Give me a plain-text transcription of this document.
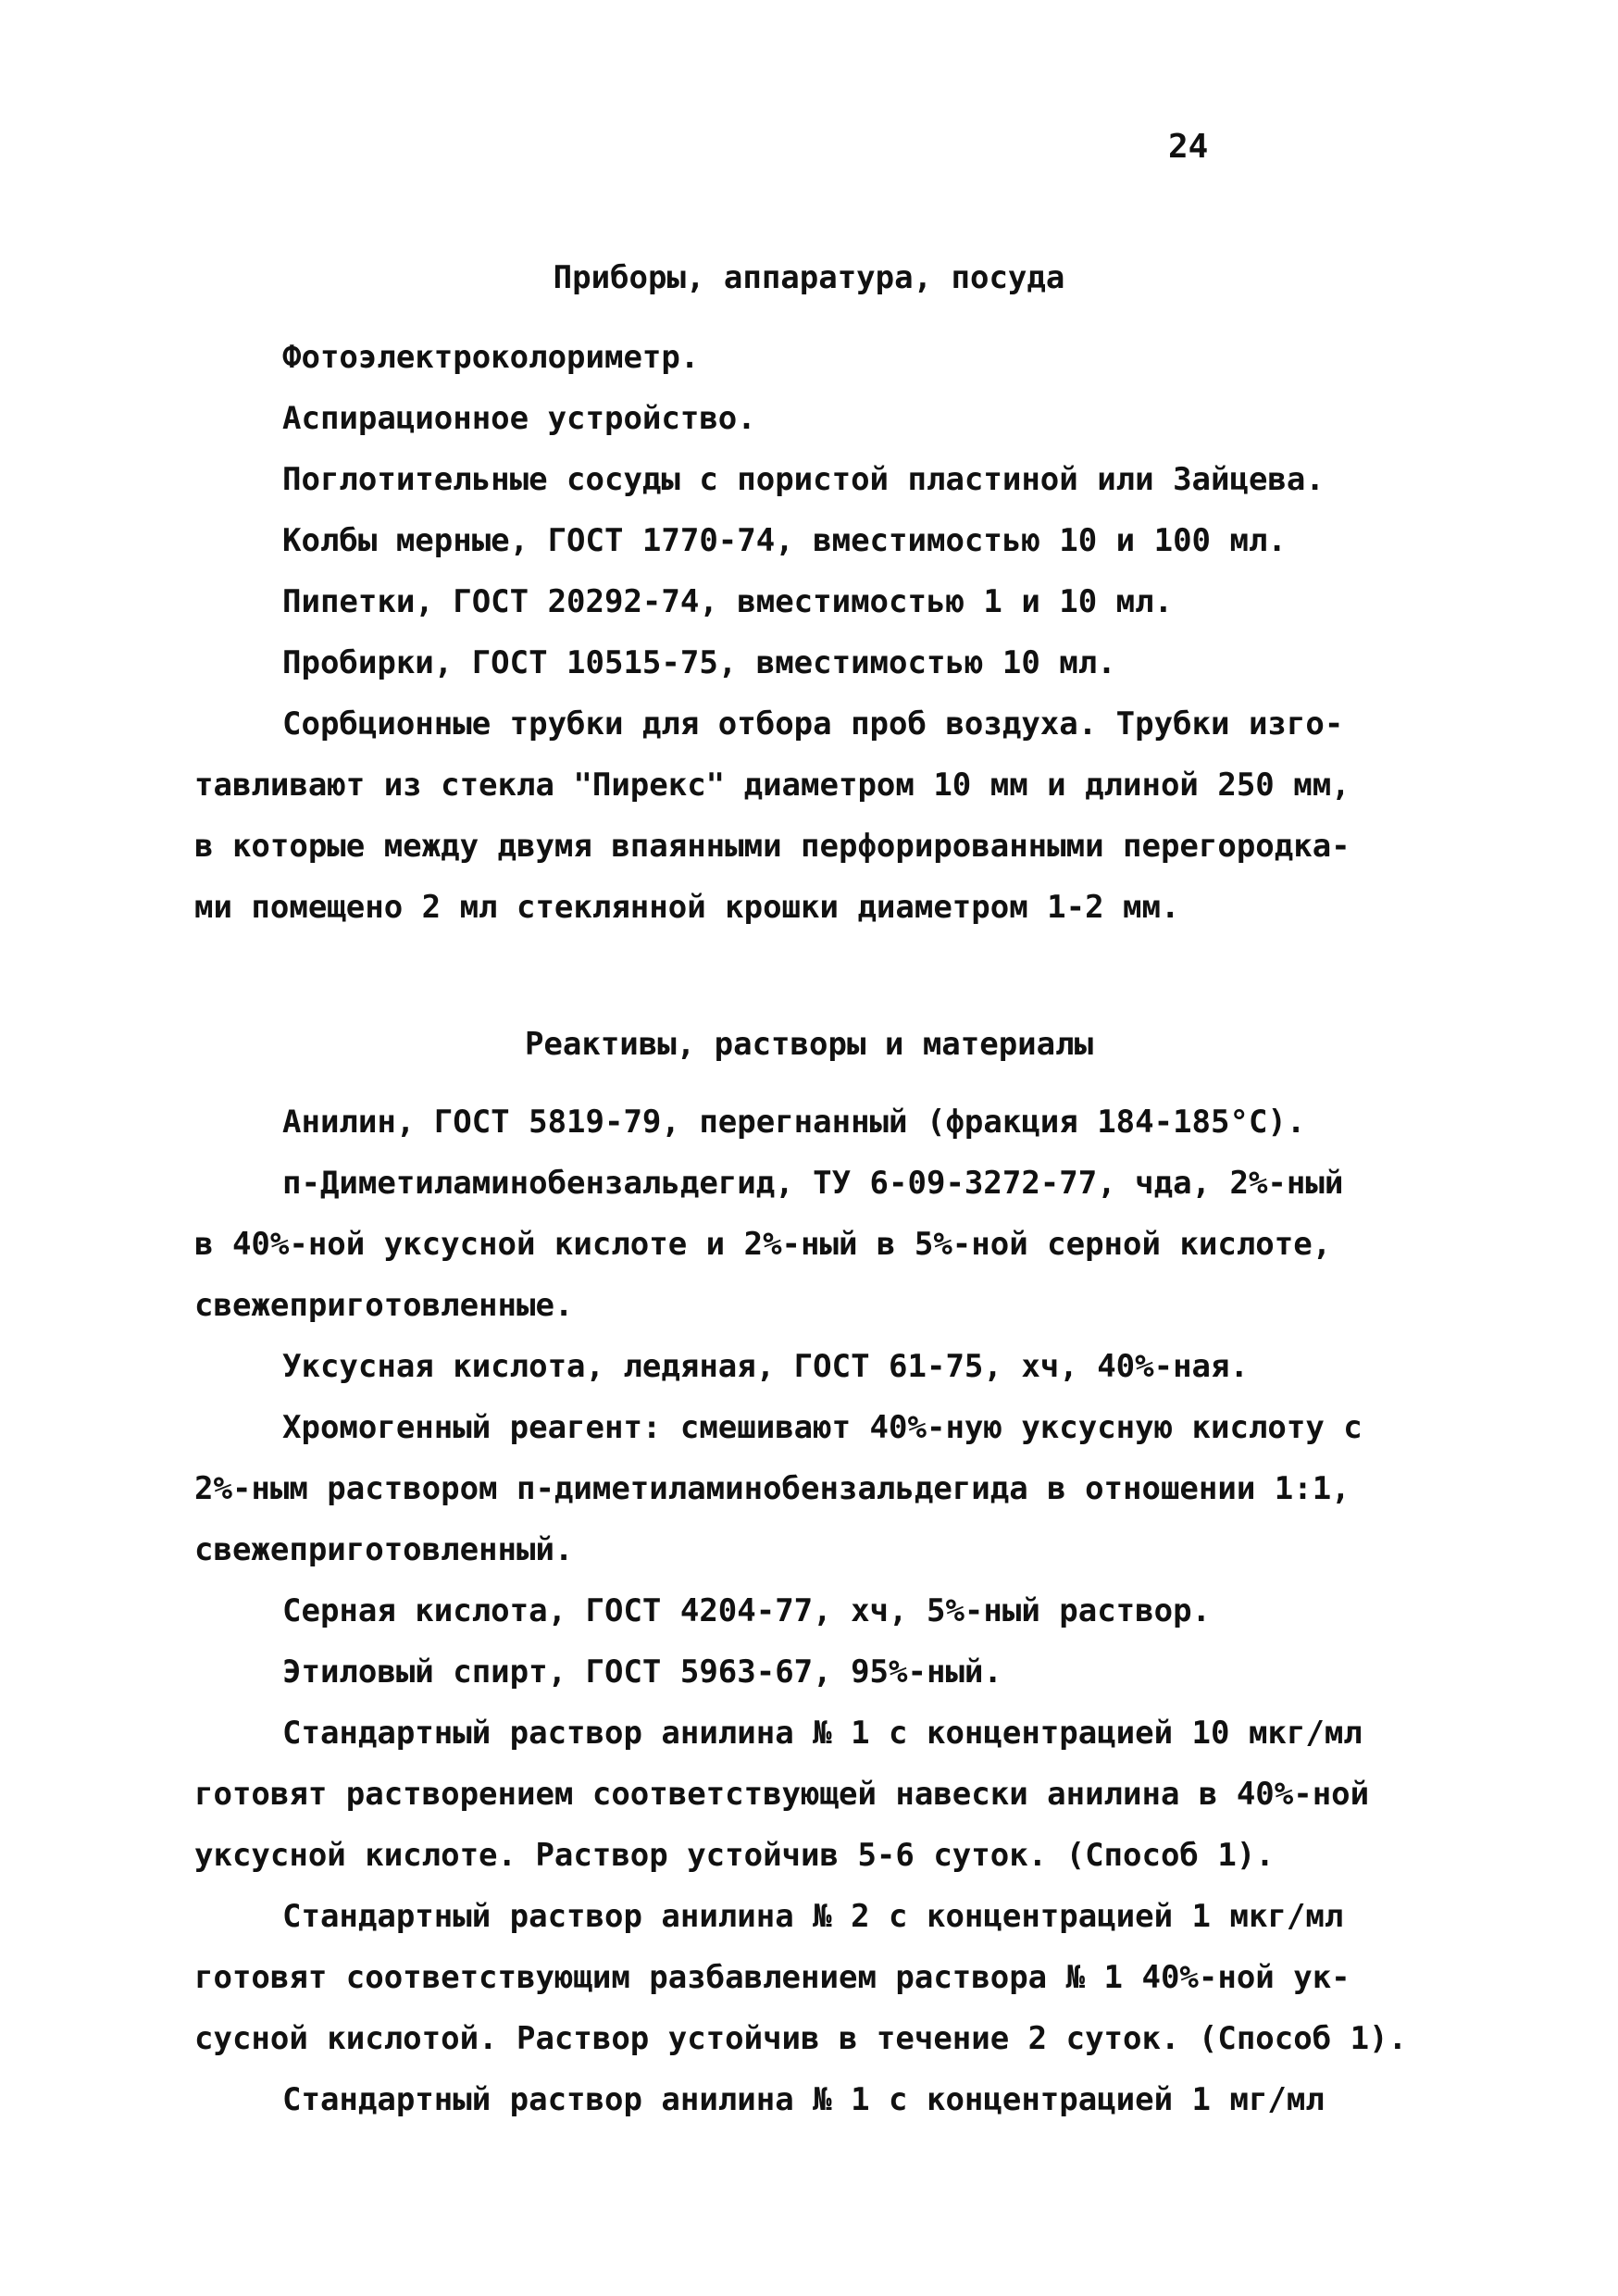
24
Приборы, аппаратура, посуда
Фотоэлектроколориметр.
Аспирационное устройство.
Поглотительные сосуды с пористой пластиной или Зайцева.
Колбы мерные, ГОСТ 1770-74, вместимостью 10 и 100 мл.
Пипетки, ГОСТ 20292-74, вместимостью 1 и 10 мл.
Пробирки, ГОСТ 10515-75, вместимостью 10 мл.
Сорбционные трубки для отбора проб воздуха. Трубки изго-
тавливают из стекла "Пирекс" диаметром 10 мм и длиной 250 мм,
в которые между двумя впаянными перфорированными перегородка-
ми помещено 2 мл стеклянной крошки диаметром 1-2 мм.
Реактивы, растворы и материалы
Анилин, ГОСТ 5819-79, перегнанный (фракция 184-185°С).
п-Диметиламинобензальдегид, ТУ 6-09-3272-77, чда, 2%-ный
в 40%-ной уксусной кислоте и 2%-ный в 5%-ной серной кислоте,
свежеприготовленные.
Уксусная кислота, ледяная, ГОСТ 61-75, хч, 40%-ная.
Хромогенный реагент: смешивают 40%-ную уксусную кислоту с
2%-ным раствором п-диметиламинобензальдегида в отношении 1:1,
свежеприготовленный.
Серная кислота, ГОСТ 4204-77, хч, 5%-ный раствор.
Этиловый спирт, ГОСТ 5963-67, 95%-ный.
Стандартный раствор анилина № 1 с концентрацией 10 мкг/мл
готовят растворением соответствующей навески анилина в 40%-ной
уксусной кислоте. Раствор устойчив 5-6 суток. (Способ 1).
Стандартный раствор анилина № 2 с концентрацией 1 мкг/мл
готовят соответствующим разбавлением раствора № 1 40%-ной ук-
сусной кислотой. Раствор устойчив в течение 2 суток. (Способ 1).
Стандартный раствор анилина № 1 с концентрацией 1 мг/мл
